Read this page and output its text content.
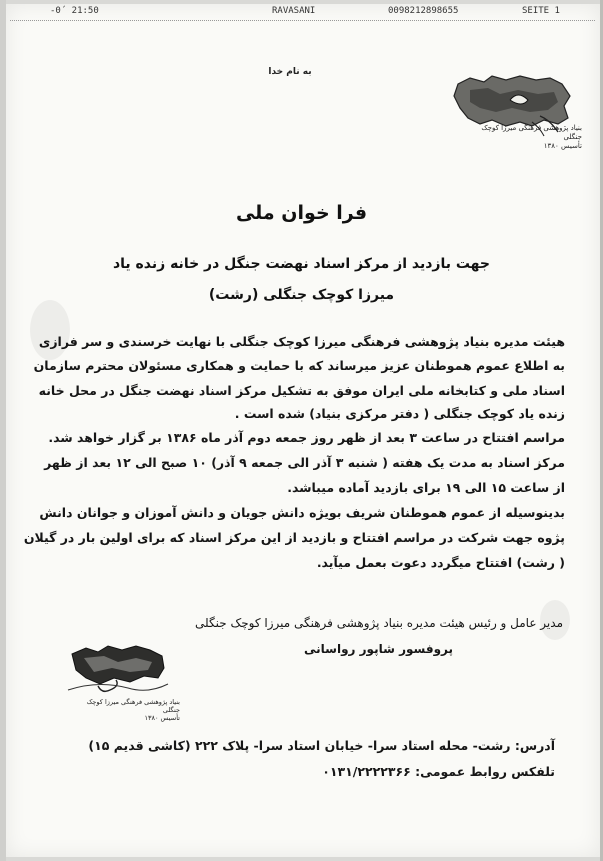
-0´ 21:50	RAVASANI	0098212898655	SEITE 1
به نام خدا
بنیاد پژوهشی فرهنگی میرزا کوچک جنگلی
تأسیس ۱۳۸۰
فرا خوان ملی
جهت بازدید از مرکز اسناد نهضت جنگل در خانه زنده یاد
میرزا کوچک جنگلی (رشت)
هیئت مدیره بنیاد پژوهشی فرهنگی میرزا کوچک جنگلی با نهایت خرسندی و سر فرازی
به اطلاع عموم هموطنان عزیز میرساند که با حمایت و همکاری مسئولان محترم سازمان
اسناد ملی و کتابخانه ملی ایران موفق به تشکیل مرکز اسناد نهضت جنگل در محل خانه
زنده یاد کوچک جنگلی ( دفتر مرکزی بنیاد) شده است .
مراسم افتتاح در ساعت ۳ بعد از ظهر روز جمعه دوم آذر ماه ۱۳۸۶ بر گزار خواهد شد.
مرکز اسناد به مدت یک هفته ( شنبه ۳ آذر الی جمعه ۹ آذر) ۱۰ صبح الی ۱۲ بعد از ظهر
از ساعت ۱۵ الی ۱۹ برای بازدید آماده میباشد.
بدینوسیله از عموم هموطنان شریف بویژه دانش جویان و دانش آموزان و جوانان دانش
پژوه جهت شرکت در مراسم افتتاح و بازدید از این مرکز اسناد که برای اولین بار در گیلان
( رشت) افتتاح میگردد دعوت بعمل میآید.
مدیر عامل و رئیس هیئت مدیره بنیاد پژوهشی فرهنگی میرزا کوچک جنگلی
پروفسور شاپور رواسانی
بنیاد پژوهشی فرهنگی میرزا کوچک جنگلی
تأسیس ۱۳۸۰
آدرس: رشت- محله استاد سرا- خیابان استاد سرا- پلاک ۲۲۲ (کاشی قدیم ۱۵)
تلفکس روابط عمومی: ۰۱۳۱/۲۲۲۲۳۶۶
